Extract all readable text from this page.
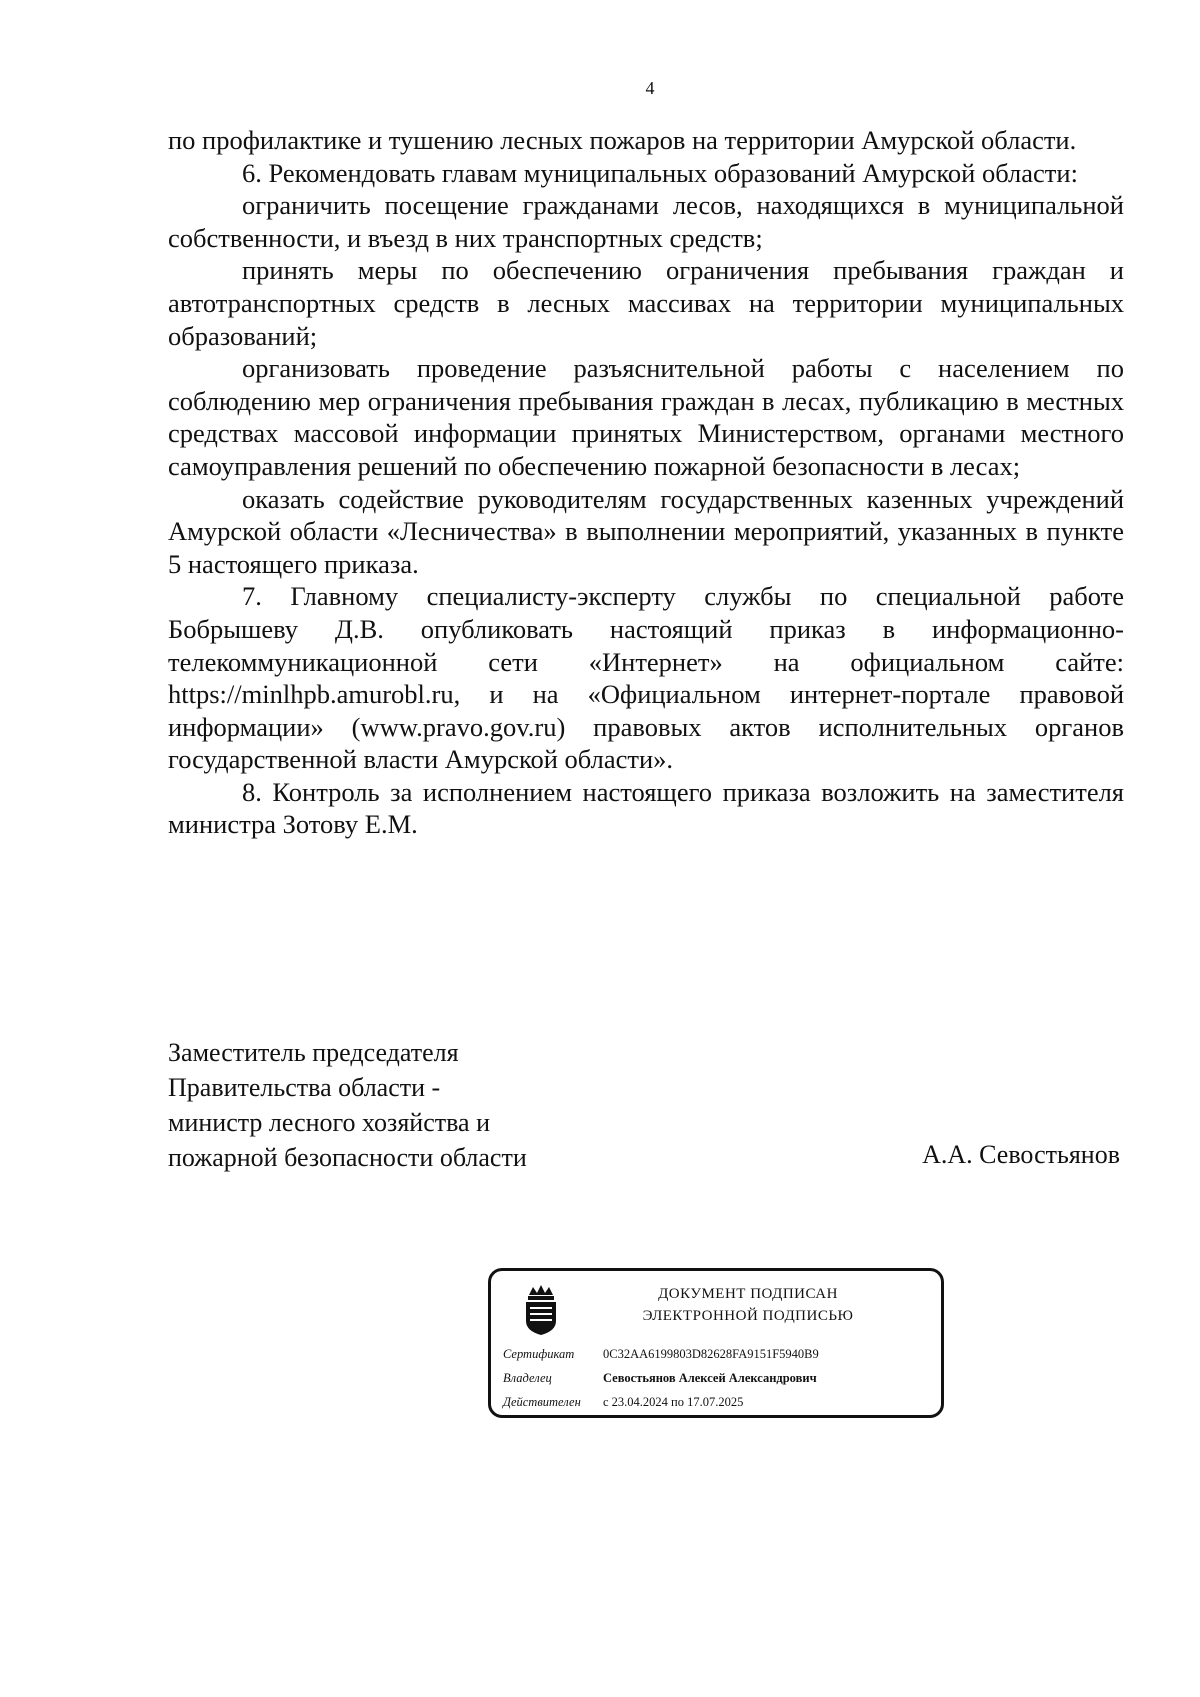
4

по профилактике и тушению лесных пожаров на территории Амурской области.

6. Рекомендовать главам муниципальных образований Амурской области:

ограничить посещение гражданами лесов, находящихся в муниципальной собственности, и въезд в них транспортных средств;

принять меры по обеспечению ограничения пребывания граждан и автотранспортных средств в лесных массивах на территории муниципальных образований;

организовать проведение разъяснительной работы с населением по соблюдению мер ограничения пребывания граждан в лесах, публикацию в местных средствах массовой информации принятых Министерством, органами местного самоуправления решений по обеспечению пожарной безопасности в лесах;

оказать содействие руководителям государственных казенных учреждений Амурской области «Лесничества» в выполнении мероприятий, указанных в пункте 5 настоящего приказа.

7. Главному специалисту-эксперту службы по специальной работе Бобрышеву Д.В. опубликовать настоящий приказ в информационно-телекоммуникационной сети «Интернет» на официальном сайте: https://minlhpb.amurobl.ru, и на «Официальном интернет-портале правовой информации» (www.pravo.gov.ru) правовых актов исполнительных органов государственной власти Амурской области».

8. Контроль за исполнением настоящего приказа возложить на заместителя министра Зотову Е.М.

Заместитель председателя
Правительства области -
министр лесного хозяйства и
пожарной безопасности области	А.А. Севостьянов
ДОКУМЕНТ ПОДПИСАН
ЭЛЕКТРОННОЙ ПОДПИСЬЮ
Сертификат 0C32AA6199803D82628FA9151F5940B9
Владелец	Севостьянов Алексей Александрович
Действителен с 23.04.2024 по 17.07.2025
